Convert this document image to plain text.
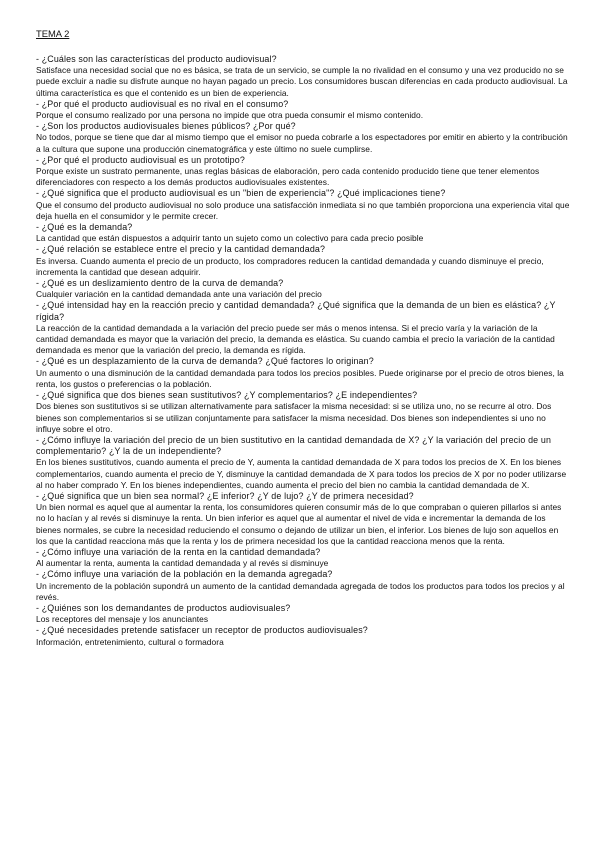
TEMA 2

- ¿Cuáles son las características del producto audiovisual?

Satisface una necesidad social que no es básica, se trata de un servicio, se cumple la no rivalidad en el consumo y una vez producido no se puede excluir a nadie su disfrute aunque no hayan pagado un precio. Los consumidores buscan diferencias en cada producto audiovisual. La última característica es que el contenido es un bien de experiencia.

- ¿Por qué el producto audiovisual es no rival en el consumo?

Porque el consumo realizado por una persona no impide que otra pueda consumir el mismo contenido.

- ¿Son los productos audiovisuales bienes públicos? ¿Por qué?

No todos, porque se tiene que dar al mismo tiempo que el emisor no pueda cobrarle a los espectadores por emitir en abierto y la contribución a la cultura que supone una producción cinematográfica y este último no suele cumplirse.

- ¿Por qué el producto audiovisual es un prototipo?

Porque existe un sustrato permanente, unas reglas básicas de elaboración, pero cada contenido producido tiene que tener elementos diferenciadores con respecto a los demás productos audiovisuales existentes.

- ¿Qué significa que el producto audiovisual es un "bien de experiencia"? ¿Qué implicaciones tiene?

Que el consumo del producto audiovisual no solo produce una satisfacción inmediata si no que también proporciona una experiencia vital que deja huella en el consumidor y le permite crecer.

- ¿Qué es la demanda?

La cantidad que están dispuestos a adquirir tanto un sujeto como un colectivo para cada precio posible

- ¿Qué relación se establece entre el precio y la cantidad demandada?

Es inversa. Cuando aumenta el precio de un producto, los compradores reducen la cantidad demandada y cuando disminuye el precio, incrementa la cantidad que desean adquirir.

- ¿Qué es un deslizamiento dentro de la curva de demanda?

Cualquier variación en la cantidad demandada ante una variación del precio

- ¿Qué intensidad hay en la reacción precio y cantidad demandada? ¿Qué significa que la demanda de un bien es elástica? ¿Y rígida?

La reacción de la cantidad demandada a la variación del precio puede ser más o menos intensa. Si el precio varía y la variación de la cantidad demandada es mayor que la variación del precio, la demanda es elástica. Su cuando cambia el precio la variación de la cantidad demandada es menor que la variación del precio, la demanda es rígida.

- ¿Qué es un desplazamiento de la curva de demanda? ¿Qué factores lo originan?

Un aumento o una disminución de la cantidad demandada para todos los precios posibles. Puede originarse por el precio de otros bienes, la renta, los gustos o preferencias o la población.

- ¿Qué significa que dos bienes sean sustitutivos? ¿Y complementarios? ¿E independientes?

Dos bienes son sustitutivos si se utilizan alternativamente para satisfacer la misma necesidad: si se utiliza uno, no se recurre al otro. Dos bienes son complementarios si se utilizan conjuntamente para satisfacer la misma necesidad. Dos bienes son independientes si uno no influye sobre el otro.

- ¿Cómo influye la variación del precio de un bien sustitutivo en la cantidad demandada de X? ¿Y la variación del precio de un complementario? ¿Y la de un independiente?

En los bienes sustitutivos, cuando aumenta el precio de Y, aumenta la cantidad demandada de X para todos los precios de X. En los bienes complementarios, cuando aumenta el precio de Y, disminuye la cantidad demandada de X para todos los precios de X por no poder utilizarse al no haber comprado Y. En los bienes independientes, cuando aumenta el precio del bien no cambia la cantidad demandada de X.

- ¿Qué significa que un bien sea normal? ¿E inferior? ¿Y de lujo? ¿Y de primera necesidad?

Un bien normal es aquel que al aumentar la renta, los consumidores quieren consumir más de lo que compraban o quieren pillarlos si antes no lo hacían y al revés si disminuye la renta. Un bien inferior es aquel que al aumentar el nivel de vida e incrementar la demanda de los bienes normales, se cubre la necesidad reduciendo el consumo o dejando de utilizar un bien, el inferior. Los bienes de lujo son aquellos en los que la cantidad reacciona más que la renta y los de primera necesidad los que la cantidad reacciona menos que la renta.

- ¿Cómo influye una variación de la renta en la cantidad demandada?

Al aumentar la renta, aumenta la cantidad demandada y al revés si disminuye

- ¿Cómo influye una variación de la población en la demanda agregada?

Un incremento de la población supondrá un aumento de la cantidad demandada agregada de todos los productos para todos los precios y al revés.

- ¿Quiénes son los demandantes de productos audiovisuales?

Los receptores del mensaje y los anunciantes

- ¿Qué necesidades pretende satisfacer un receptor de productos audiovisuales?

Información, entretenimiento, cultural o formadora
